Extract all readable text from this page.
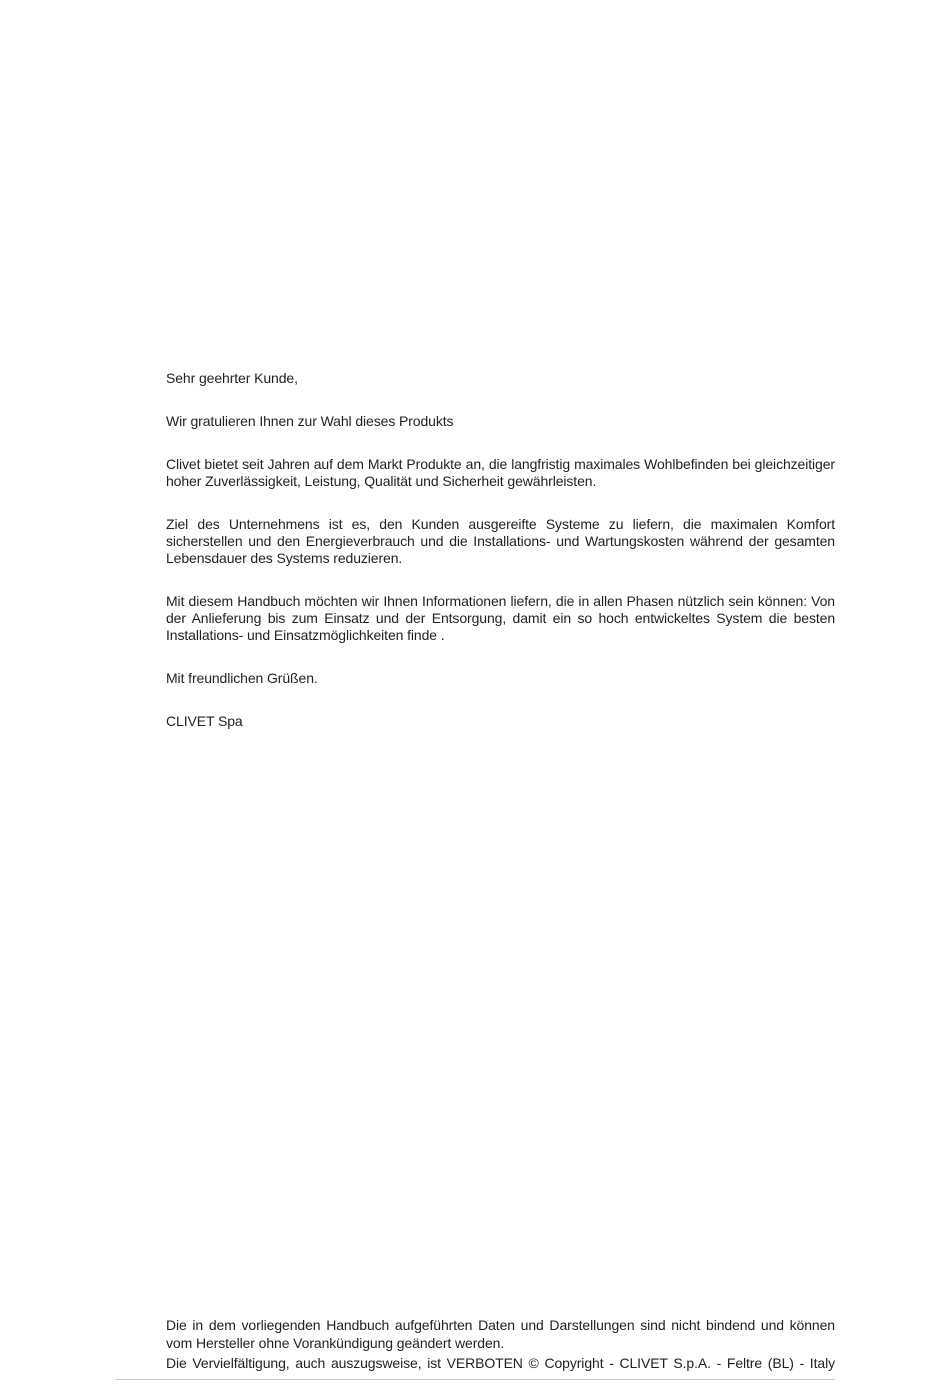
Sehr geehrter Kunde,

Wir gratulieren Ihnen zur Wahl dieses Produkts

Clivet bietet seit Jahren auf dem Markt Produkte an, die langfristig maximales Wohlbefinden bei gleichzeitiger hoher Zuverlässigkeit, Leistung, Qualität und Sicherheit gewährleisten.

Ziel des Unternehmens ist es, den Kunden ausgereifte Systeme zu liefern, die maximalen Komfort sicherstellen und den Energieverbrauch und die Installations- und Wartungskosten während der gesamten Lebensdauer des Systems reduzieren.

Mit diesem Handbuch möchten wir Ihnen Informationen liefern, die in allen Phasen nützlich sein können: Von der Anlieferung bis zum Einsatz und der Entsorgung, damit ein so hoch entwickeltes System die besten Installations- und Einsatzmöglichkeiten finde .

Mit freundlichen Grüßen.

CLIVET Spa

Die in dem vorliegenden Handbuch aufgeführten Daten und Darstellungen sind nicht bindend und können vom Hersteller ohne Vorankündigung geändert werden.

Die Vervielfältigung, auch auszugsweise, ist VERBOTEN © Copyright - CLIVET S.p.A. - Feltre (BL) - Italy
